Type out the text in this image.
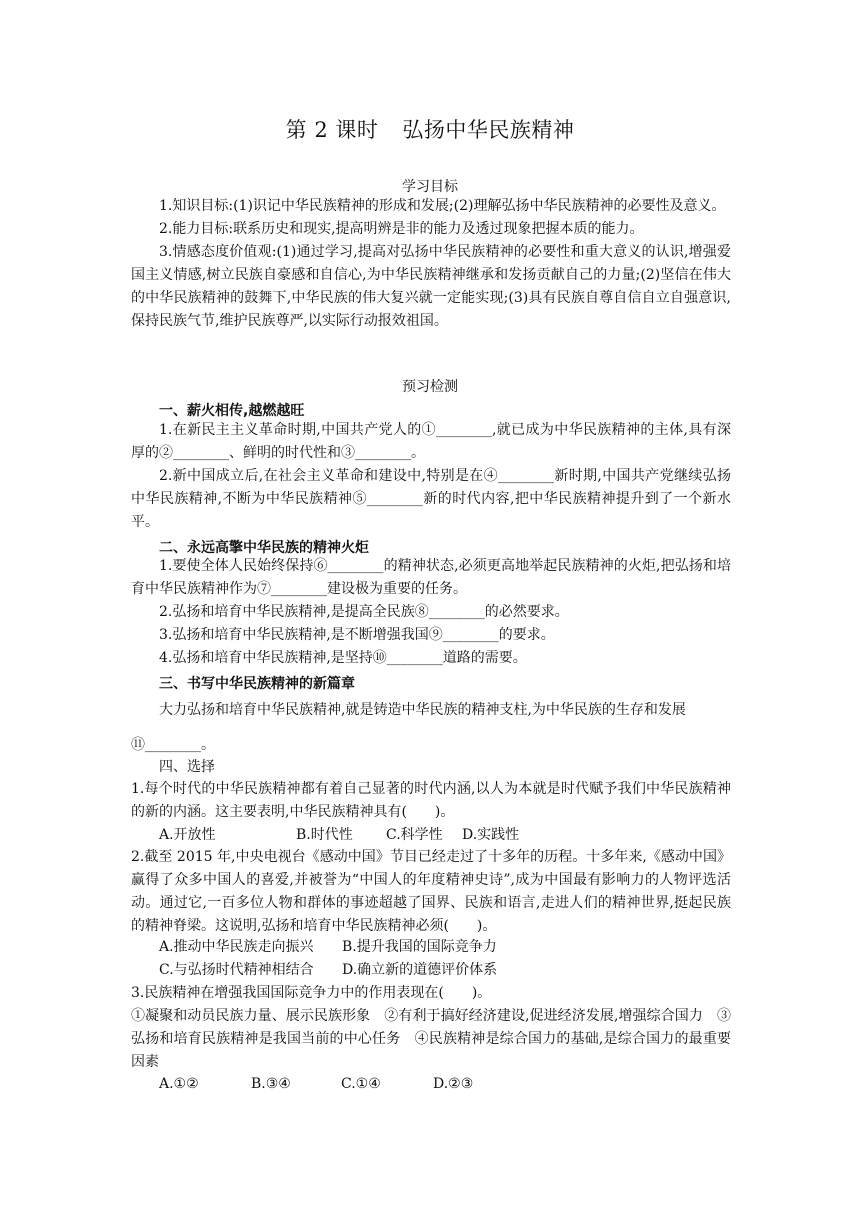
第 2 课时 弘扬中华民族精神
学习目标

1.知识目标:(1)识记中华民族精神的形成和发展;(2)理解弘扬中华民族精神的必要性及意义。

2.能力目标:联系历史和现实,提高明辨是非的能力及透过现象把握本质的能力。

3.情感态度价值观:(1)通过学习,提高对弘扬中华民族精神的必要性和重大意义的认识,增强爱国主义情感,树立民族自豪感和自信心,为中华民族精神继承和发扬贡献自己的力量;(2)坚信在伟大的中华民族精神的鼓舞下,中华民族的伟大复兴就一定能实现;(3)具有民族自尊自信自立自强意识,保持民族气节,维护民族尊严,以实际行动报效祖国。

预习检测
一、薪火相传,越燃越旺

1.在新民主主义革命时期,中国共产党人的①________,就已成为中华民族精神的主体,具有深厚的②________、鲜明的时代性和③________。

2.新中国成立后,在社会主义革命和建设中,特别是在④________新时期,中国共产党继续弘扬中华民族精神,不断为中华民族精神⑤________新的时代内容,把中华民族精神提升到了一个新水平。

二、永远高擎中华民族的精神火炬

1.要使全体人民始终保持⑥________的精神状态,必须更高地举起民族精神的火炬,把弘扬和培育中华民族精神作为⑦________建设极为重要的任务。

2.弘扬和培育中华民族精神,是提高全民族⑧________的必然要求。

3.弘扬和培育中华民族精神,是不断增强我国⑨________的要求。

4.弘扬和培育中华民族精神,是坚持⑩________道路的需要。

三、书写中华民族精神的新篇章

大力弘扬和培育中华民族精神,就是铸造中华民族的精神支柱,为中华民族的生存和发展

⑪________。

四、选择

1.每个时代的中华民族精神都有着自己显著的时代内涵,以人为本就是时代赋予我们中华民族精神的新的内涵。这主要表明,中华民族精神具有(　　)。

A.开放性	B.时代性 C.科学性 D.实践性

2.截至 2015 年,中央电视台《感动中国》节目已经走过了十多年的历程。十多年来,《感动中国》赢得了众多中国人的喜爱,并被誉为“中国人的年度精神史诗”,成为中国最有影响力的人物评选活动。通过它,一百多位人物和群体的事迹超越了国界、民族和语言,走进人们的精神世界,挺起民族的精神脊梁。这说明,弘扬和培育中华民族精神必须(　　)。

A.推动中华民族走向振兴 B.提升我国的国际竞争力
C.与弘扬时代精神相结合 D.确立新的道德评价体系

3.民族精神在增强我国国际竞争力中的作用表现在(　　)。

①凝聚和动员民族力量、展示民族形象　②有利于搞好经济建设,促进经济发展,增强综合国力　③弘扬和培育民族精神是我国当前的中心任务　④民族精神是综合国力的基础,是综合国力的最重要因素

A.①②	B.③④	C.①④	D.②③
